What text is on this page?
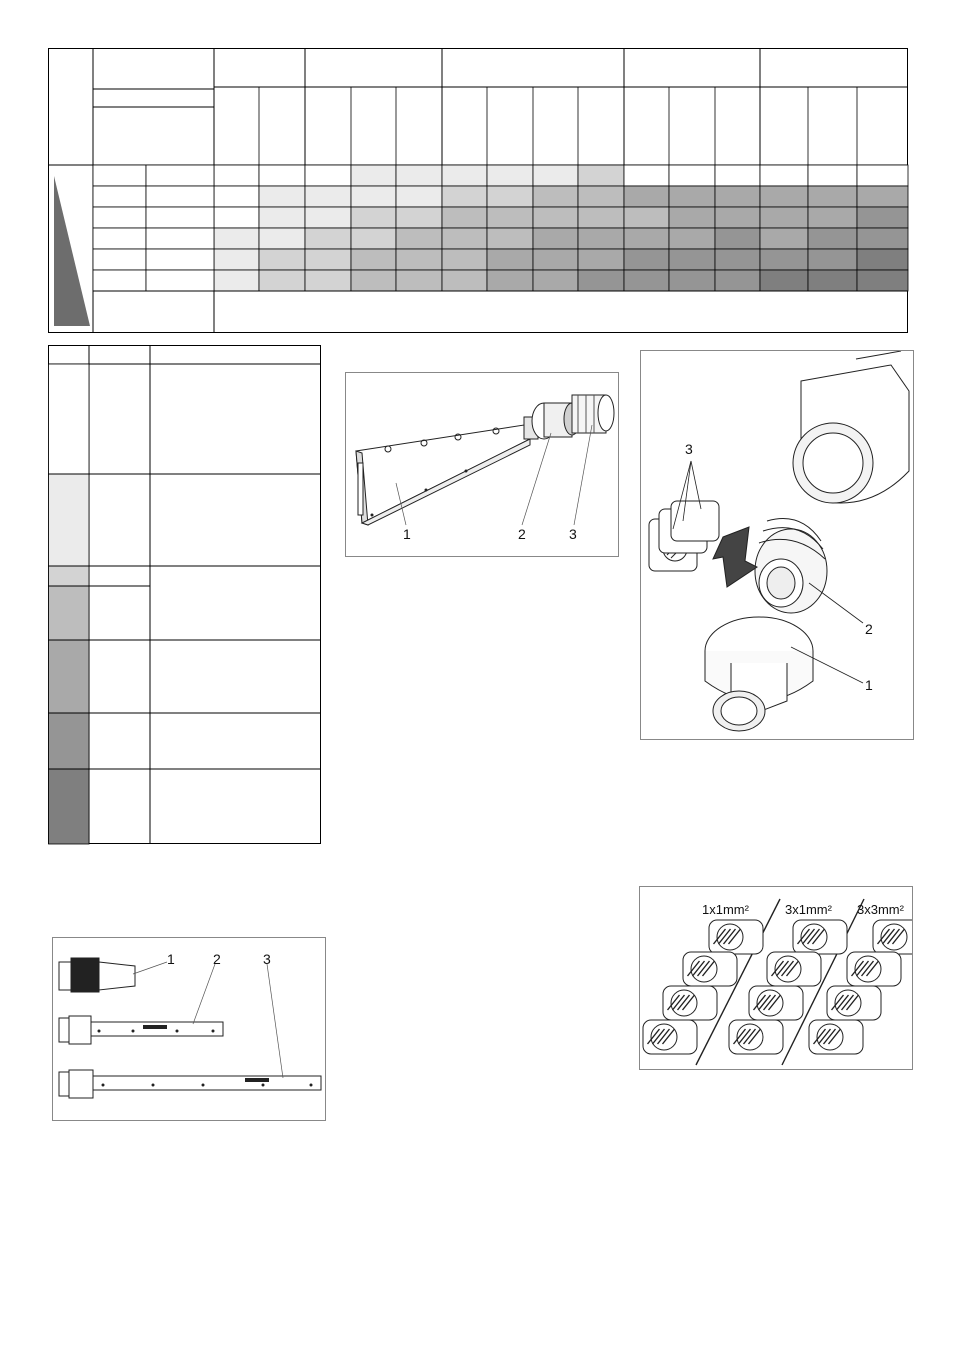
1	2	3
3
2
1
1	2	3
1x1mm²	3x1mm² 3x3mm²
